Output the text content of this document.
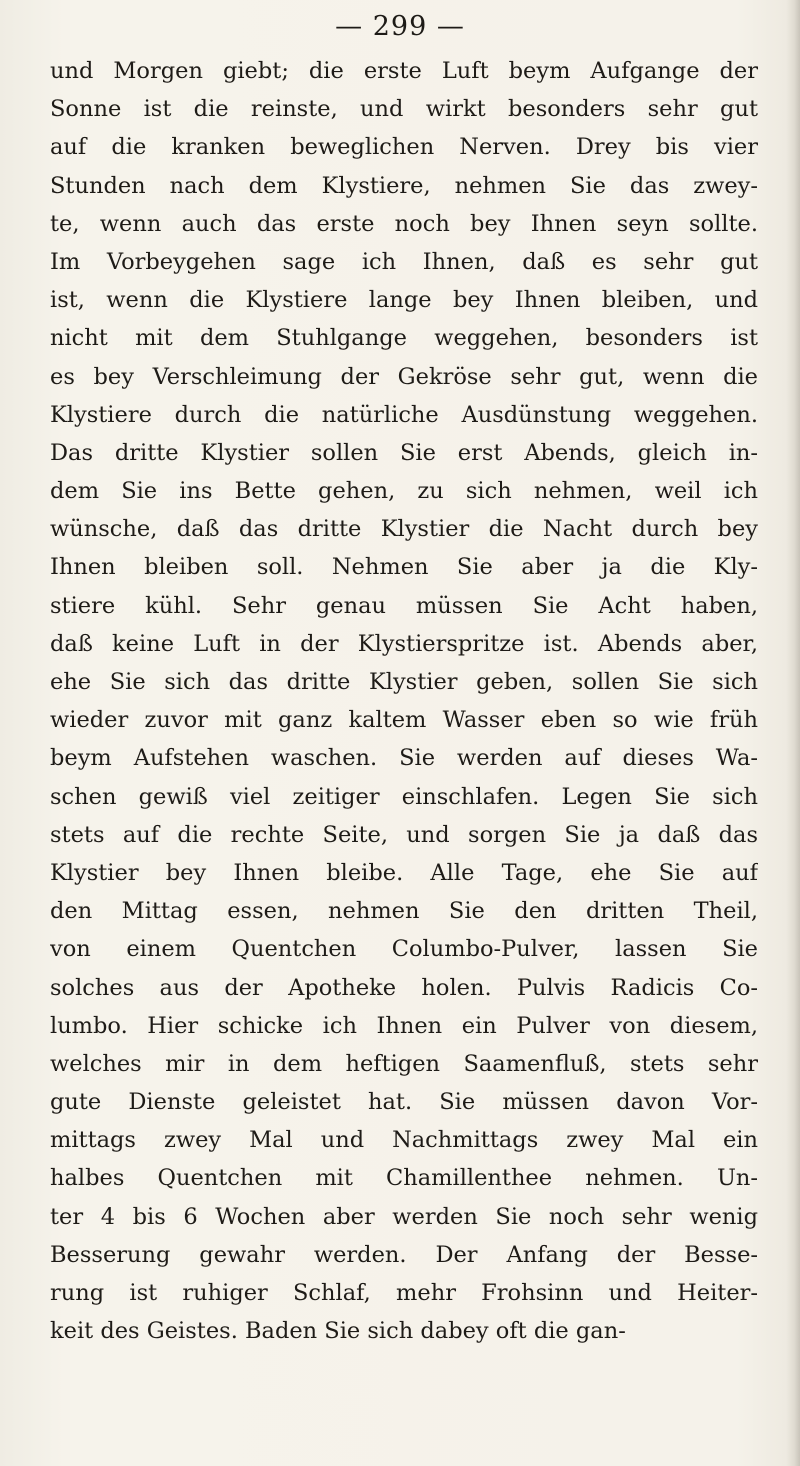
— 299 —
und Morgen giebt; die erste Luft beym Aufgange der
Sonne ist die reinste, und wirkt besonders sehr gut
auf die kranken beweglichen Nerven. Drey bis vier
Stunden nach dem Klystiere, nehmen Sie das zwey-
te, wenn auch das erste noch bey Ihnen seyn sollte.
Im Vorbeygehen sage ich Ihnen, daß es sehr gut
ist, wenn die Klystiere lange bey Ihnen bleiben, und
nicht mit dem Stuhlgange weggehen, besonders ist
es bey Verschleimung der Gekröse sehr gut, wenn die
Klystiere durch die natürliche Ausdünstung weggehen.
Das dritte Klystier sollen Sie erst Abends, gleich in-
dem Sie ins Bette gehen, zu sich nehmen, weil ich
wünsche, daß das dritte Klystier die Nacht durch bey
Ihnen bleiben soll. Nehmen Sie aber ja die Kly-
stiere kühl. Sehr genau müssen Sie Acht haben,
daß keine Luft in der Klystierspritze ist. Abends aber,
ehe Sie sich das dritte Klystier geben, sollen Sie sich
wieder zuvor mit ganz kaltem Wasser eben so wie früh
beym Aufstehen waschen. Sie werden auf dieses Wa-
schen gewiß viel zeitiger einschlafen. Legen Sie sich
stets auf die rechte Seite, und sorgen Sie ja daß das
Klystier bey Ihnen bleibe. Alle Tage, ehe Sie auf
den Mittag essen, nehmen Sie den dritten Theil,
von einem Quentchen Columbo-Pulver, lassen Sie
solches aus der Apotheke holen. Pulvis Radicis Co-
lumbo. Hier schicke ich Ihnen ein Pulver von diesem,
welches mir in dem heftigen Saamenfluß, stets sehr
gute Dienste geleistet hat. Sie müssen davon Vor-
mittags zwey Mal und Nachmittags zwey Mal ein
halbes Quentchen mit Chamillenthee nehmen. Un-
ter 4 bis 6 Wochen aber werden Sie noch sehr wenig
Besserung gewahr werden. Der Anfang der Besse-
rung ist ruhiger Schlaf, mehr Frohsinn und Heiter-
keit des Geistes. Baden Sie sich dabey oft die gan-
